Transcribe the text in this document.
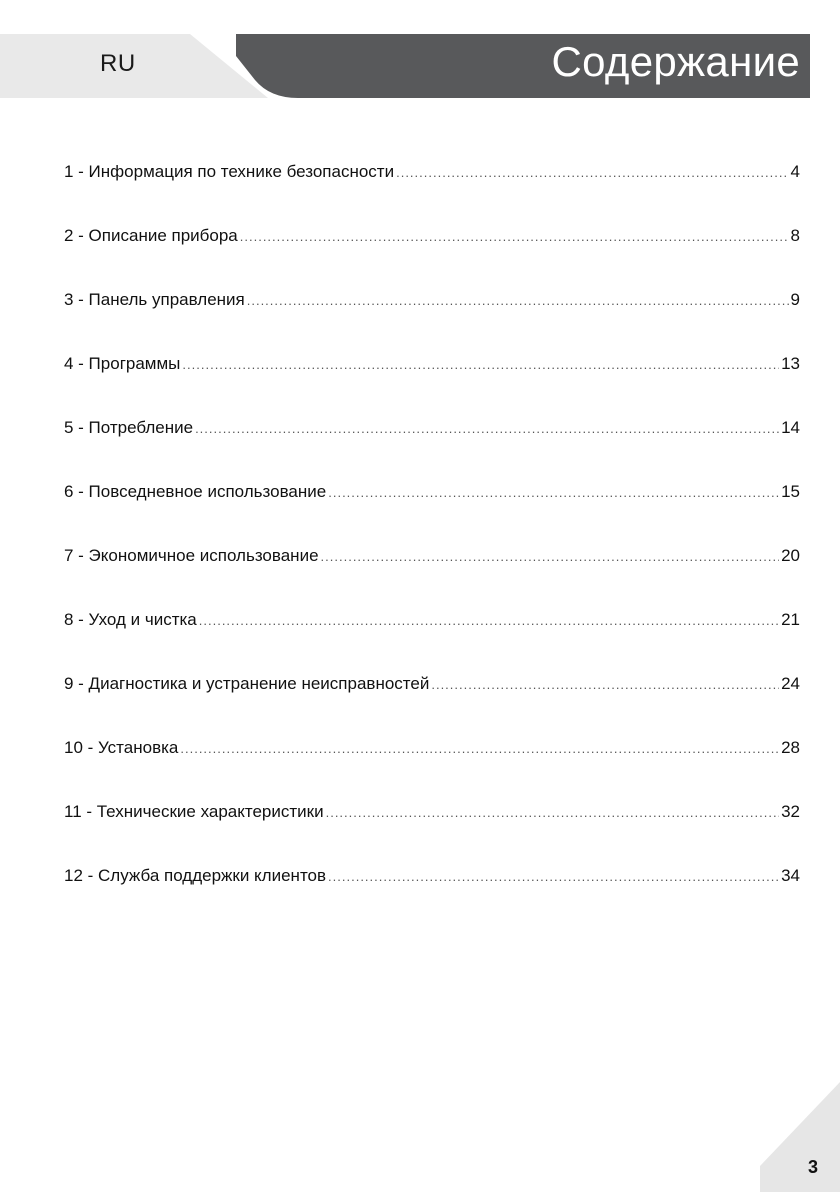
RU	Содержание
1 - Информация по технике безопасности .....	4
2 - Описание прибора .....	8
3 - Панель управления .....	9
4 - Программы .....	13
5 - Потребление .....	14
6 - Повседневное использование .....	15
7 - Экономичное использование .....	20
8 - Уход и чистка .....	21
9 - Диагностика и устранение неисправностей .....	24
10 - Установка .....	28
11 - Технические характеристики .....	32
12 - Служба поддержки клиентов .....	34
3
